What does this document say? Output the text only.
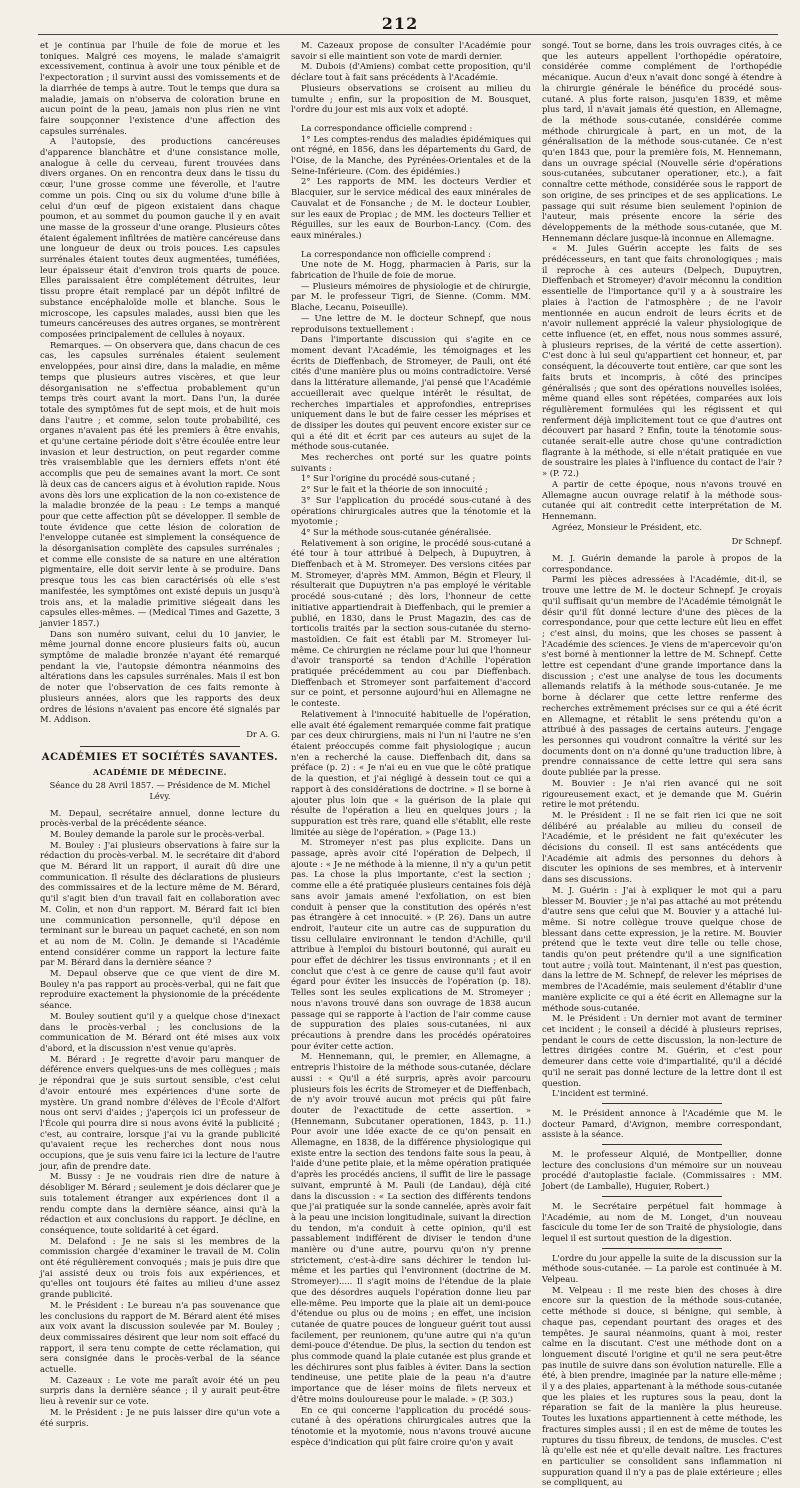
212

et je continua par l'huile de foie de morue et les toniques. Malgré ces moyens, le malade s'amaigrit excessivement, continua à avoir une toux pénible et de l'expectoration ; il survint aussi des vomissements et de la diarrhée de temps à autre. Tout le temps que dura sa maladie, jamais on n'observa de coloration brune en aucun point de la peau, jamais non plus rien ne vint faire soupçonner l'existence d'une affection des capsules surrénales.

A l'autopsie, des productions cancéreuses d'apparence blanchâtre et d'une consistance molle, analogue à celle du cerveau, furent trouvées dans divers organes. On en rencontra deux dans le tissu du cœur, l'une grosse comme une féverolle, et l'autre comme un pois. Cinq ou six du volume d'une bille à celui d'un œuf de pigeon existaient dans chaque poumon, et au sommet du poumon gauche il y en avait une masse de la grosseur d'une orange. Plusieurs côtes étaient également infiltrées de matière cancéreuse dans une longueur de deux ou trois pouces. Les capsules surrénales étaient toutes deux augmentées, tuméfiées, leur épaisseur était d'environ trois quarts de pouce. Elles paraissaient être complétement détruites, leur tissu propre était remplacé par un dépôt infiltré de substance encéphaloïde molle et blanche. Sous le microscope, les capsules malades, aussi bien que les tumeurs cancéreuses des autres organes, se montrèrent composées principalement de cellules à noyaux.

Remarques. — On observera que, dans chacun de ces cas, les capsules surrénales étaient seulement enveloppées, pour ainsi dire, dans la maladie, en même temps que plusieurs autres viscères, et que leur désorganisation ne s'effectua probablement qu'un temps très court avant la mort. Dans l'un, la durée totale des symptômes fut de sept mois, et de huit mois dans l'autre ; et comme, selon toute probabilité, ces organes n'avaient pas été les premiers à être envahis, et qu'une certaine période doit s'être écoulée entre leur invasion et leur destruction, on peut regarder comme très vraisemblable que les derniers effets n'ont été accomplis que peu de semaines avant la mort. Ce sont là deux cas de cancers aigus et à évolution rapide. Nous avons dès lors une explication de la non co-existence de la maladie bronzée de la peau : Le temps a manqué pour que cette affection pût se développer. Il semble de toute évidence que cette lésion de coloration de l'enveloppe cutanée est simplement la conséquence de la désorganisation complète des capsules surrénales ; et comme elle consiste de sa nature en une altération pigmentaire, elle doit servir lente à se produire. Dans presque tous les cas bien caractérisés où elle s'est manifestée, les symptômes ont existé depuis un jusqu'à trois ans, et la maladie primitive siégeait dans les capsules elles-mêmes. — (Medical Times and Gazette, 3 janvier 1857.)

Dans son numéro suivant, celui du 10 janvier, le même journal donne encore plusieurs faits où, aucun symptôme de maladie bronzée n'ayant été remarqué pendant la vie, l'autopsie démontra néanmoins des altérations dans les capsules surrénales. Mais il est bon de noter que l'observation de ces faits remonte à plusieurs années, alors que les rapports des deux ordres de lésions n'avaient pas encore été signalés par M. Addison.

Dr A. G.
ACADÉMIES ET SOCIÉTÉS SAVANTES.
ACADÉMIE DE MÉDECINE.
Séance du 28 Avril 1857. — Présidence de M. Michel Lévy.

M. Depaul, secrétaire annuel, donne lecture du procès-verbal de la précédente séance.

M. Bouley demande la parole sur le procès-verbal.

M. Bouley : J'ai plusieurs observations à faire sur la rédaction du procès-verbal. M. le secrétaire dit d'abord que M. Bérard lit un rapport, il aurait dû dire une communication. Il résulte des déclarations de plusieurs des commissaires et de la lecture même de M. Bérard, qu'il s'agit bien d'un travail fait en collaboration avec M. Colin, et non d'un rapport. M. Bérard fait ici bien une communication personnelle, qu'il dépose en terminant sur le bureau un paquet cacheté, en son nom et au nom de M. Colin. Je demande si l'Académie entend considérer comme un rapport la lecture faite par M. Bérard dans la dernière séance ?

M. Depaul observe que ce que vient de dire M. Bouley n'a pas rapport au procès-verbal, qui ne fait que reproduire exactement la physionomie de la précédente séance.

M. Bouley soutient qu'il y a quelque chose d'inexact dans le procès-verbal ; les conclusions de la communication de M. Bérard ont été mises aux voix d'abord, et la discussion n'est venue qu'après.

M. Bérard : Je regrette d'avoir paru manquer de déférence envers quelques-uns de mes collègues ; mais je répondrai que je suis surtout sensible, c'est celui d'avoir entouré mes expériences d'une sorte de mystère. Un grand nombre d'élèves de l'École d'Alfort nous ont servi d'aides ; j'aperçois ici un professeur de l'École qui pourra dire si nous avons évité la publicité ; c'est, au contraire, lorsque j'ai vu la grande publicité qu'avaient reçue les recherches dont nous nous occupions, que je suis venu faire ici la lecture de l'autre jour, afin de prendre date.

M. Bussy : Je ne voudrais rien dire de nature à désobliger M. Bérard ; seulement je dois déclarer que je suis totalement étranger aux expériences dont il a rendu compte dans la dernière séance, ainsi qu'à la rédaction et aux conclusions du rapport. Je décline, en conséquence, toute solidarité à cet égard.

M. Delafond : Je ne sais si les membres de la commission chargée d'examiner le travail de M. Colin ont été régulièrement convoqués ; mais je puis dire que j'ai assisté deux ou trois fois aux expériences, et qu'elles ont toujours été faites au milieu d'une assez grande publicité.

M. le Président : Le bureau n'a pas souvenance que les conclusions du rapport de M. Bérard aient été mises aux voix avant la discussion soulevée par M. Bouley ; deux commissaires désirent que leur nom soit effacé du rapport, il sera tenu compte de cette réclamation, qui sera consignée dans le procès-verbal de la séance actuelle.

M. Cazeaux : Le vote me paraît avoir été un peu surpris dans la dernière séance ; il y aurait peut-être lieu à revenir sur ce vote.

M. le Président : Je ne puis laisser dire qu'un vote a été surpris.

M. Cazeaux propose de consulter l'Académie pour savoir si elle maintient son vote de mardi dernier.

M. Dubois (d'Amiens) combat cette proposition, qu'il déclare tout à fait sans précédents à l'Académie.

Plusieurs observations se croisent au milieu du tumulte ; enfin, sur la proposition de M. Bousquet, l'ordre du jour est mis aux voix et adopté.

La correspondance officielle comprend :

1° Les comptes-rendus des maladies épidémiques qui ont régné, en 1856, dans les départements du Gard, de l'Oise, de la Manche, des Pyrénées-Orientales et de la Seine-Inférieure. (Com. des épidémies.)

2° Les rapports de MM. les docteurs Verdier et Blacquier, sur le service médical des eaux minérales de Cauvalat et de Fonsanche ; de M. le docteur Loubier, sur les eaux de Propiac ; de MM. les docteurs Tellier et Réguilles, sur les eaux de Bourbon-Lancy. (Com. des eaux minérales.)

La correspondance non officielle comprend :

Une note de M. Hogg, pharmacien à Paris, sur la fabrication de l'huile de foie de morue.

— Plusieurs mémoires de physiologie et de chirurgie, par M. le professeur Tigri, de Sienne. (Comm. MM. Blache, Lecanu, Poiseuille).

— Une lettre de M. le docteur Schnepf, que nous reproduisons textuellement :

Dans l'importante discussion qui s'agite en ce moment devant l'Académie, les témoignages et les écrits de Dieffenbach, de Stromeyer, de Pauli, ont été cités d'une manière plus ou moins contradictoire. Versé dans la littérature allemande, j'ai pensé que l'Académie accueillerait avec quelque intérêt le résultat, de recherches impartiales et approfondies, entreprises uniquement dans le but de faire cesser les méprises et de dissiper les doutes qui peuvent encore exister sur ce qui a été dit et écrit par ces auteurs au sujet de la méthode sous-cutanée.

Mes recherches ont porté sur les quatre points suivants :

1° Sur l'origine du procédé sous-cutané ;

2° Sur le fait et la théorie de son innocuité ;

3° Sur l'application du procédé sous-cutané à des opérations chirurgicales autres que la ténotomie et la myotomie ;

4° Sur la méthode sous-cutanée généralisée.

Relativement à son origine, le procédé sous-cutané a été tour à tour attribué à Delpech, à Dupuytren, à Dieffenbach et à M. Stromeyer. Des versions citées par M. Stromeyer, d'après MM. Ammon, Bégin et Fleury, il résulterait que Dupuytren n'a pas employé le véritable procédé sous-cutané ; dès lors, l'honneur de cette initiative appartiendrait à Dieffenbach, qui le premier a publié, en 1830, dans le Prust Magazin, des cas de torticolis traités par la section sous-cutanée du sterno-mastoïdien. Ce fait est établi par M. Stromeyer lui-même. Ce chirurgien ne réclame pour lui que l'honneur d'avoir transporté sa tendon d'Achille l'opération pratiquée précédemment au cou par Dieffenbach. Dieffenbach et Stromeyer sont parfaitement d'accord sur ce point, et personne aujourd'hui en Allemagne ne le conteste.

Relativement à l'innocuité habituelle de l'opération, elle avait été également remarquée comme fait pratique par ces deux chirurgiens, mais ni l'un ni l'autre ne s'en étaient préoccupés comme fait physiologique ; aucun n'en a recherché la cause. Dieffenbach dit, dans sa préface (p. 2) : « Je n'ai eu en vue que le côté pratique de la question, et j'ai négligé à dessein tout ce qui a rapport à des considérations de doctrine. » Il se borne à ajouter plus loin que « la guérison de la plaie qui résulte de l'opération a lieu en quelques jours ; la suppuration est très rare, quand elle s'établit, elle reste limitée au siège de l'opération. » (Page 13.)

M. Stromeyer n'est pas plus explicite. Dans un passage, après avoir cité l'opération de Delpech, il ajoute : « Je ne méthode à la mienne, il n'y a qu'un petit pas. La chose la plus importante, c'est la section ; comme elle a été pratiquée plusieurs centaines fois déjà sans avoir jamais amené l'exfoliation, on est bien conduit à penser que la constitution des opérés n'est pas étrangère à cet innocuité. » (P. 26). Dans un autre endroit, l'auteur cite un autre cas de suppuration du tissu cellulaire environnant le tendon d'Achille, qu'il attribue à l'emploi du bistouri boutonné, qui aurait eu pour effet de déchirer les tissus environnants ; et il en conclut que c'est à ce genre de cause qu'il faut avoir égard pour éviter les insuccès de l'opération (p. 18). Telles sont les seules explications de M. Stromeyer ; nous n'avons trouvé dans son ouvrage de 1838 aucun passage qui se rapporte à l'action de l'air comme cause de suppuration des plaies sous-cutanées, ni aux précautions à prendre dans les procédés opératoires pour éviter cette action.

M. Hennemann, qui, le premier, en Allemagne, a entrepris l'histoire de la méthode sous-cutanée, déclare aussi : « Qu'il a été surpris, après avoir parcouru plusieurs fois les écrits de Stromeyer et de Dieffenbach, de n'y avoir trouvé aucun mot précis qui pût faire douter de l'exactitude de cette assertion. » (Hennemann, Subcutaner operationen, 1843, p. 11.) Pour avoir une idée exacte de ce qu'on pensait en Allemagne, en 1838, de la différence physiologique qui existe entre la section des tendons faite sous la peau, à l'aide d'une petite plaie, et la même opération pratiquée d'après les procédés anciens, il suffit de lire le passage suivant, emprunté à M. Pauli (de Landau), déjà cité dans la discussion : « La section des différents tendons que j'ai pratiquée sur la sonde cannelée, après avoir fait à la peau une incision longitudinale, suivant la direction du tendon, m'a conduit à cette opinion, qu'il est passablement indifférent de diviser le tendon d'une manière ou d'une autre, pourvu qu'on n'y prenne strictement, c'est-à-dire sans déchirer le tendon lui-même et les parties qui l'environnent (doctrine de M. Stromeyer)..... Il s'agit moins de l'étendue de la plaie que des désordres auquels l'opération donne lieu par elle-même. Peu importe que la plaie ait un demi-pouce d'étendue ou plus ou de moins ; en effet, une incision cutanée de quatre pouces de longueur guérit tout aussi facilement, per reunionem, qu'une autre qui n'a qu'un demi-pouce d'étendue. De plus, la section du tendon est plus commode quand la plaie cutanée est plus grande et les déchirures sont plus faibles à éviter. Dans la section tendineuse, une petite plaie de la peau n'a d'autre importance que de léser moins de filets nerveux et d'être moins douloureuse pour le malade. » (P. 303.)

En ce qui concerne l'application du procédé sous-cutané à des opérations chirurgicales autres que la ténotomie et la myotomie, nous n'avons trouvé aucune espèce d'indication qui pût faire croire qu'on y avait

songé. Tout se borne, dans les trois ouvrages cités, à ce que les auteurs appellent l'orthopédie opératoire, considérée comme complément de l'orthopédie mécanique. Aucun d'eux n'avait donc songé à étendre à la chirurgie générale le bénéfice du procédé sous-cutané. A plus forte raison, jusqu'en 1839, et même plus tard, il n'avait jamais été question, en Allemagne, de la méthode sous-cutanée, considérée comme méthode chirurgicale à part, en un mot, de la généralisation de la méthode sous-cutanée. Ce n'est qu'en 1843 que, pour la première fois, M. Hennemann, dans un ouvrage spécial (Nouvelle série d'opérations sous-cutanées, subcutaner operationer, etc.), a fait connaître cette méthode, considérée sous le rapport de son origine, de ses principes et de ses applications. Le passage qui suit résume bien seulement l'opinion de l'auteur, mais présente encore la série des développements de la méthode sous-cutanée, que M. Hennemann déclare jusque-là inconnue en Allemagne.

« M. Jules Guérin accepte les faits de ses prédécesseurs, en tant que faits chronologiques ; mais il reproche à ces auteurs (Delpech, Dupuytren, Dieffenbach et Stromeyer) d'avoir méconnu la condition essentielle de l'importance qu'il y a à soustraire les plaies à l'action de l'atmosphère ; de ne l'avoir mentionnée en aucun endroit de leurs écrits et de n'avoir nullement apprécié la valeur physiologique de cette influence (et, en effet, nous nous sommes assuré, à plusieurs reprises, de la vérité de cette assertion). C'est donc à lui seul qu'appartient cet honneur, et, par conséquent, la découverte tout entière, car que sont les faits bruts et incompris, à côté des principes généralisés ; que sont des opérations nouvelles isolées, même quand elles sont répétées, comparées aux lois régulièrement formulées qui les régissent et qui renferment déjà implicitement tout ce que d'autres ont découvert par hasard ? Enfin, toute la ténotomie sous-cutanée serait-elle autre chose qu'une contradiction flagrante à la méthode, si elle n'était pratiquée en vue de soustraire les plaies à l'influence du contact de l'air ? » (P. 72.)

A partir de cette époque, nous n'avons trouvé en Allemagne aucun ouvrage relatif à la méthode sous-cutanée qui ait contredit cette interprétation de M. Hennemann.

Agréez, Monsieur le Président, etc.

Dr Schnepf.

M. J. Guérin demande la parole à propos de la correspondance.

Parmi les pièces adressées à l'Académie, dit-il, se trouve une lettre de M. le docteur Schnepf. Je croyais qu'il suffisait qu'un membre de l'Académie témoignât le désir qu'il fût donné lecture d'une des pièces de la correspondance, pour que cette lecture eût lieu en effet ; c'est ainsi, du moins, que les choses se passent à l'Académie des sciences. Je viens de m'apercevoir qu'on s'est borné à mentionner la lettre de M. Schnepf. Cette lettre est cependant d'une grande importance dans la discussion ; c'est une analyse de tous les documents allemands relatifs à la méthode sous-cutanée. Je me borne à déclarer que cette lettre renferme des recherches extrêmement précises sur ce qui a été écrit en Allemagne, et rétablit le sens prétendu qu'on a attribué à des passages de certains auteurs. J'engage les personnes qui voudront connaître la vérité sur les documents dont on n'a donné qu'une traduction libre, à prendre connaissance de cette lettre qui sera sans doute publiée par la presse.

M. Bouvier : Je n'ai rien avancé qui ne soit rigoureusement exact, et je demande que M. Guérin retire le mot prétendu.

M. le Président : Il ne se fait rien ici que ne soit délibéré au préalable au milieu du conseil de l'Académie, et le président ne fait qu'exécuter les décisions du conseil. Il est sans antécédents que l'Académie ait admis des personnes du dehors à discuter les opinions de ses membres, et à intervenir dans ses discussions.

M. J. Guérin : J'ai à expliquer le mot qui a paru blesser M. Bouvier ; je n'ai pas attaché au mot prétendu d'autre sens que celui que M. Bouvier y a attaché lui-même. Si notre collègue trouve quelque chose de blessant dans cette expression, je la retire. M. Bouvier prétend que le texte veut dire telle ou telle chose, tandis qu'on peut prétendre qu'il a une signification tout autre ; voilà tout. Maintenant, il n'est pas question, dans la lettre de M. Schnepf, de relever les méprises de membres de l'Académie, mais seulement d'établir d'une manière explicite ce qui a été écrit en Allemagne sur la méthode sous-cutanée.

M. le Président : Un dernier mot avant de terminer cet incident ; le conseil a décidé à plusieurs reprises, pendant le cours de cette discussion, la non-lecture de lettres dirigées contre M. Guérin, et c'est pour demeurer dans cette voie d'impartialité, qu'il a décidé qu'il ne serait pas donné lecture de la lettre dont il est question.

L'incident est terminé.

M. le Président annonce à l'Académie que M. le docteur Pamard, d'Avignon, membre correspondant, assiste à la séance.

M. le professeur Alquié, de Montpellier, donne lecture des conclusions d'un mémoire sur un nouveau procédé d'autoplastie faciale. (Commissaires : MM. Jobert (de Lamballe), Huguier, Robert.)

M. le Secrétaire perpétuel fait hommage à l'Académie, au nom de M. Longet, d'un nouveau fascicule du tome Ier de son Traité de physiologie, dans lequel il est surtout question de la digestion.

L'ordre du jour appelle la suite de la discussion sur la méthode sous-cutanée. — La parole est continuée à M. Velpeau.

M. Velpeau : Il me reste bien des choses à dire encore sur la question de la méthode sous-cutanée, cette méthode si douce, si bénigne, qui semble, à chaque pas, cependant pourtant des orages et des tempêtes. Je saurai néanmoins, quant à moi, rester calme en la discutant. C'est une méthode dont on a longuement discuté l'origine et qu'il ne sera peut-être pas inutile de suivre dans son évolution naturelle. Elle a été, à bien prendre, imaginée par la nature elle-même ; il y a des plaies, appartenant à la méthode sous-cutanée que les plaies et les ruptures sous la peau, dont la réparation se fait de la manière la plus heureuse. Toutes les luxations appartiennent à cette méthode, les fractures simples aussi ; il en est de même de toutes les ruptures du tissu fibreux, de tendons, de muscles. C'est là qu'elle est née et qu'elle devait naître. Les fractures en particulier se consolident sans inflammation ni suppuration quand il n'y a pas de plaie extérieure ; elles se compliquent, au
